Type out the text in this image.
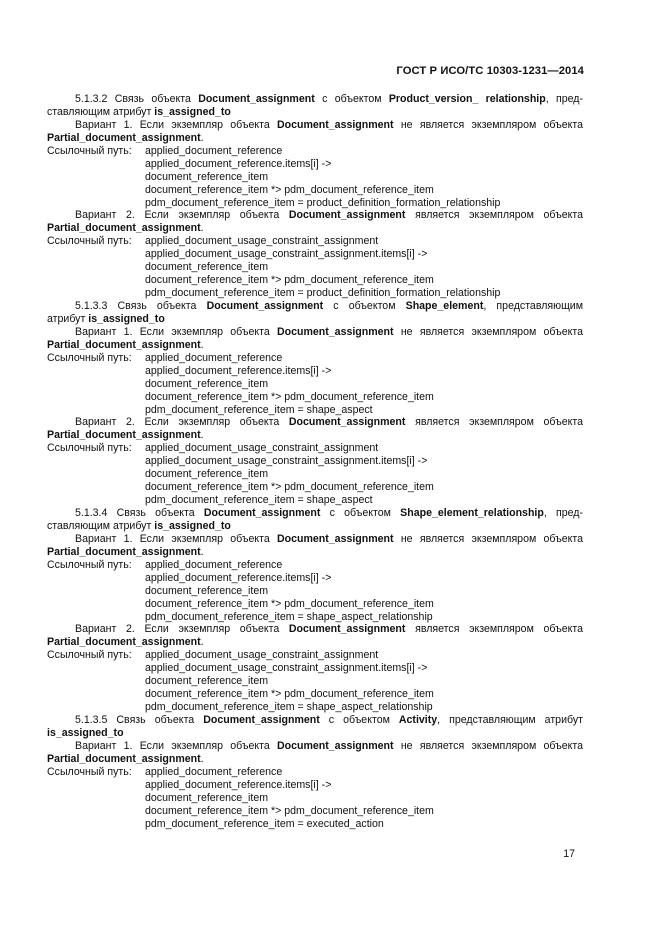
ГОСТ Р ИСО/ТС 10303-1231—2014
5.1.3.2 Связь объекта Document_assignment с объектом Product_version_ relationship, пред-
ставляющим атрибут is_assigned_to
Вариант 1. Если экземпляр объекта Document_assignment не является экземпляром объекта
Partial_document_assignment.
Ссылочный путь: applied_document_reference
applied_document_reference.items[i] ->
document_reference_item
document_reference_item *> pdm_document_reference_item
pdm_document_reference_item = product_definition_formation_relationship
Вариант 2. Если экземпляр объекта Document_assignment является экземпляром объекта
Partial_document_assignment.
Ссылочный путь: applied_document_usage_constraint_assignment
applied_document_usage_constraint_assignment.items[i] ->
document_reference_item
document_reference_item *> pdm_document_reference_item
pdm_document_reference_item = product_definition_formation_relationship
5.1.3.3 Связь объекта Document_assignment с объектом Shape_element, представляющим
атрибут is_assigned_to
Вариант 1. Если экземпляр объекта Document_assignment не является экземпляром объекта
Partial_document_assignment.
Ссылочный путь: applied_document_reference
applied_document_reference.items[i] ->
document_reference_item
document_reference_item *> pdm_document_reference_item
pdm_document_reference_item = shape_aspect
Вариант 2. Если экземпляр объекта Document_assignment является экземпляром объекта
Partial_document_assignment.
Ссылочный путь: applied_document_usage_constraint_assignment
applied_document_usage_constraint_assignment.items[i] ->
document_reference_item
document_reference_item *> pdm_document_reference_item
pdm_document_reference_item = shape_aspect
5.1.3.4 Связь объекта Document_assignment с объектом Shape_element_relationship, пред-
ставляющим атрибут is_assigned_to
Вариант 1. Если экземпляр объекта Document_assignment не является экземпляром объекта
Partial_document_assignment.
Ссылочный путь: applied_document_reference
applied_document_reference.items[i] ->
document_reference_item
document_reference_item *> pdm_document_reference_item
pdm_document_reference_item = shape_aspect_relationship
Вариант 2. Если экземпляр объекта Document_assignment является экземпляром объекта
Partial_document_assignment.
Ссылочный путь: applied_document_usage_constraint_assignment
applied_document_usage_constraint_assignment.items[i] ->
document_reference_item
document_reference_item *> pdm_document_reference_item
pdm_document_reference_item = shape_aspect_relationship
5.1.3.5 Связь объекта Document_assignment с объектом Activity, представляющим атрибут
is_assigned_to
Вариант 1. Если экземпляр объекта Document_assignment не является экземпляром объекта
Partial_document_assignment.
Ссылочный путь: applied_document_reference
applied_document_reference.items[i] ->
document_reference_item
document_reference_item *> pdm_document_reference_item
pdm_document_reference_item = executed_action
17
